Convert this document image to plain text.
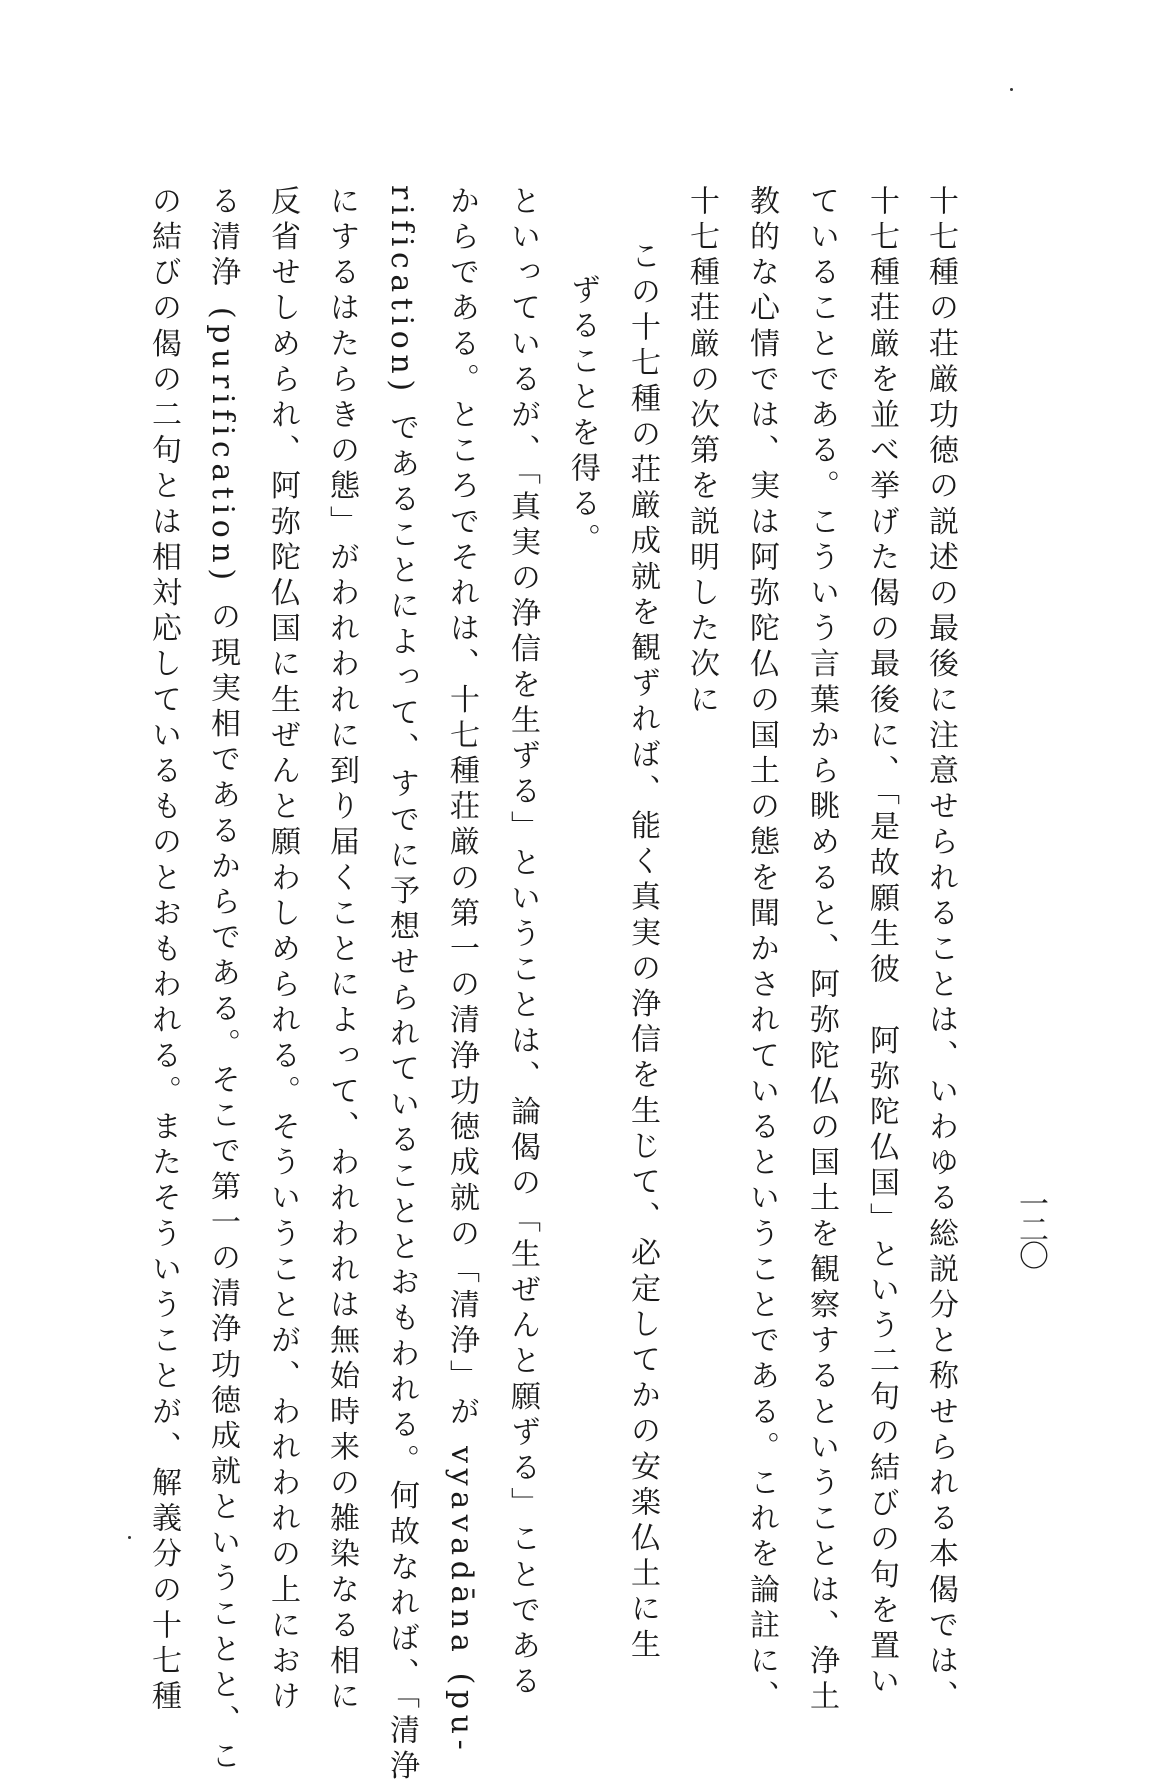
一二〇
十七種の荘厳功徳の説述の最後に注意せられることは、いわゆる総説分と称せられる本偈では、
十七種荘厳を並べ挙げた偈の最後に、「是故願生彼　阿弥陀仏国」という二句の結びの句を置い
ていることである。こういう言葉から眺めると、阿弥陀仏の国土を観察するということは、浄土
教的な心情では、実は阿弥陀仏の国土の態を聞かされているということである。これを論註に、
十七種荘厳の次第を説明した次に
この十七種の荘厳成就を観ずれば、能く真実の浄信を生じて、必定してかの安楽仏土に生
ずることを得る。
といっているが、「真実の浄信を生ずる」ということは、論偈の「生ぜんと願ずる」ことである
からである。ところでそれは、十七種荘厳の第一の清浄功徳成就の「清浄」が vyavadāna (pu-
rification) であることによって、すでに予想せられていることとおもわれる。何故なれば、「清浄
にするはたらきの態」がわれわれに到り届くことによって、われわれは無始時来の雑染なる相に
反省せしめられ、阿弥陀仏国に生ぜんと願わしめられる。そういうことが、われわれの上におけ
る清浄 (purification) の現実相であるからである。そこで第一の清浄功徳成就ということと、こ
の結びの偈の二句とは相対応しているものとおもわれる。またそういうことが、解義分の十七種
